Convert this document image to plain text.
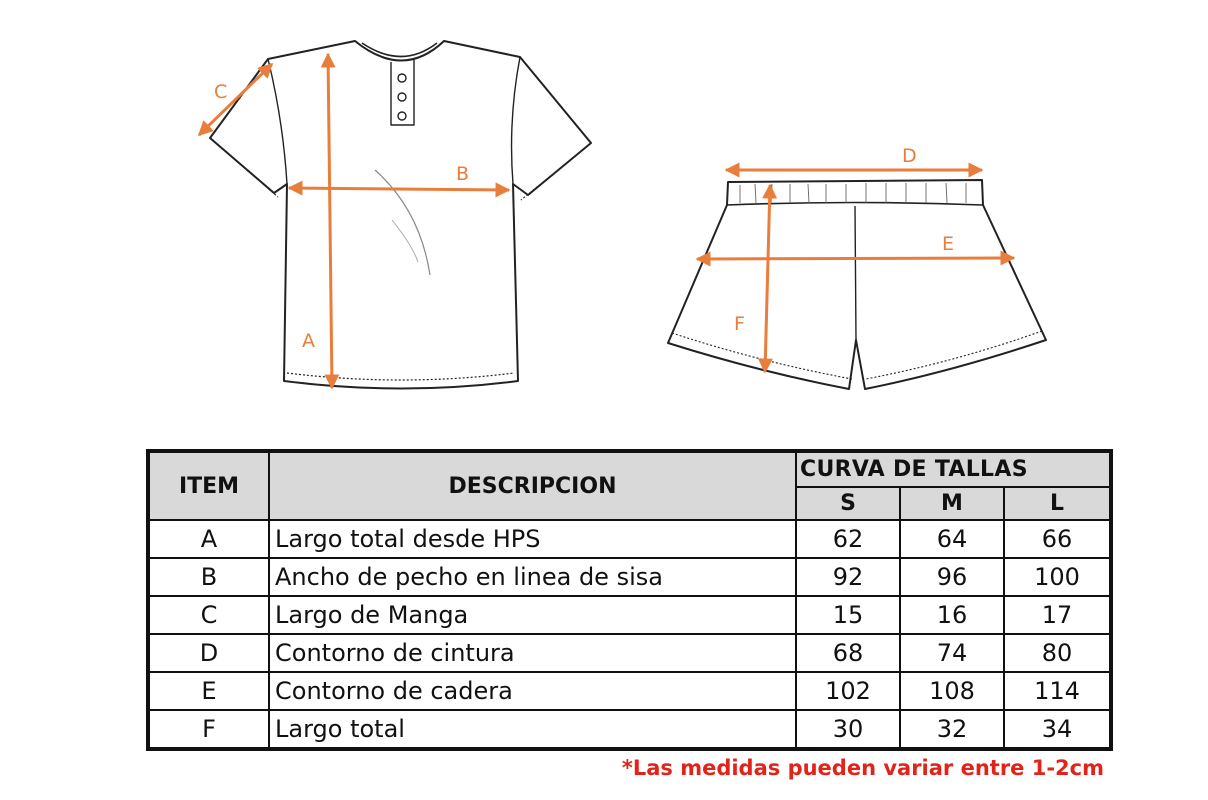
A
B
C
D
E
F
ITEM	DESCRIPCION	CURVA DE TALLAS		
		S	M	L
A	Largo total desde HPS	62	64	66
B	Ancho de pecho en linea de sisa	92	96	100
C	Largo de Manga	15	16	17
D	Contorno de cintura	68	74	80
E	Contorno de cadera	102	108	114
F	Largo total	30	32	34
*Las medidas pueden variar entre 1-2cm
